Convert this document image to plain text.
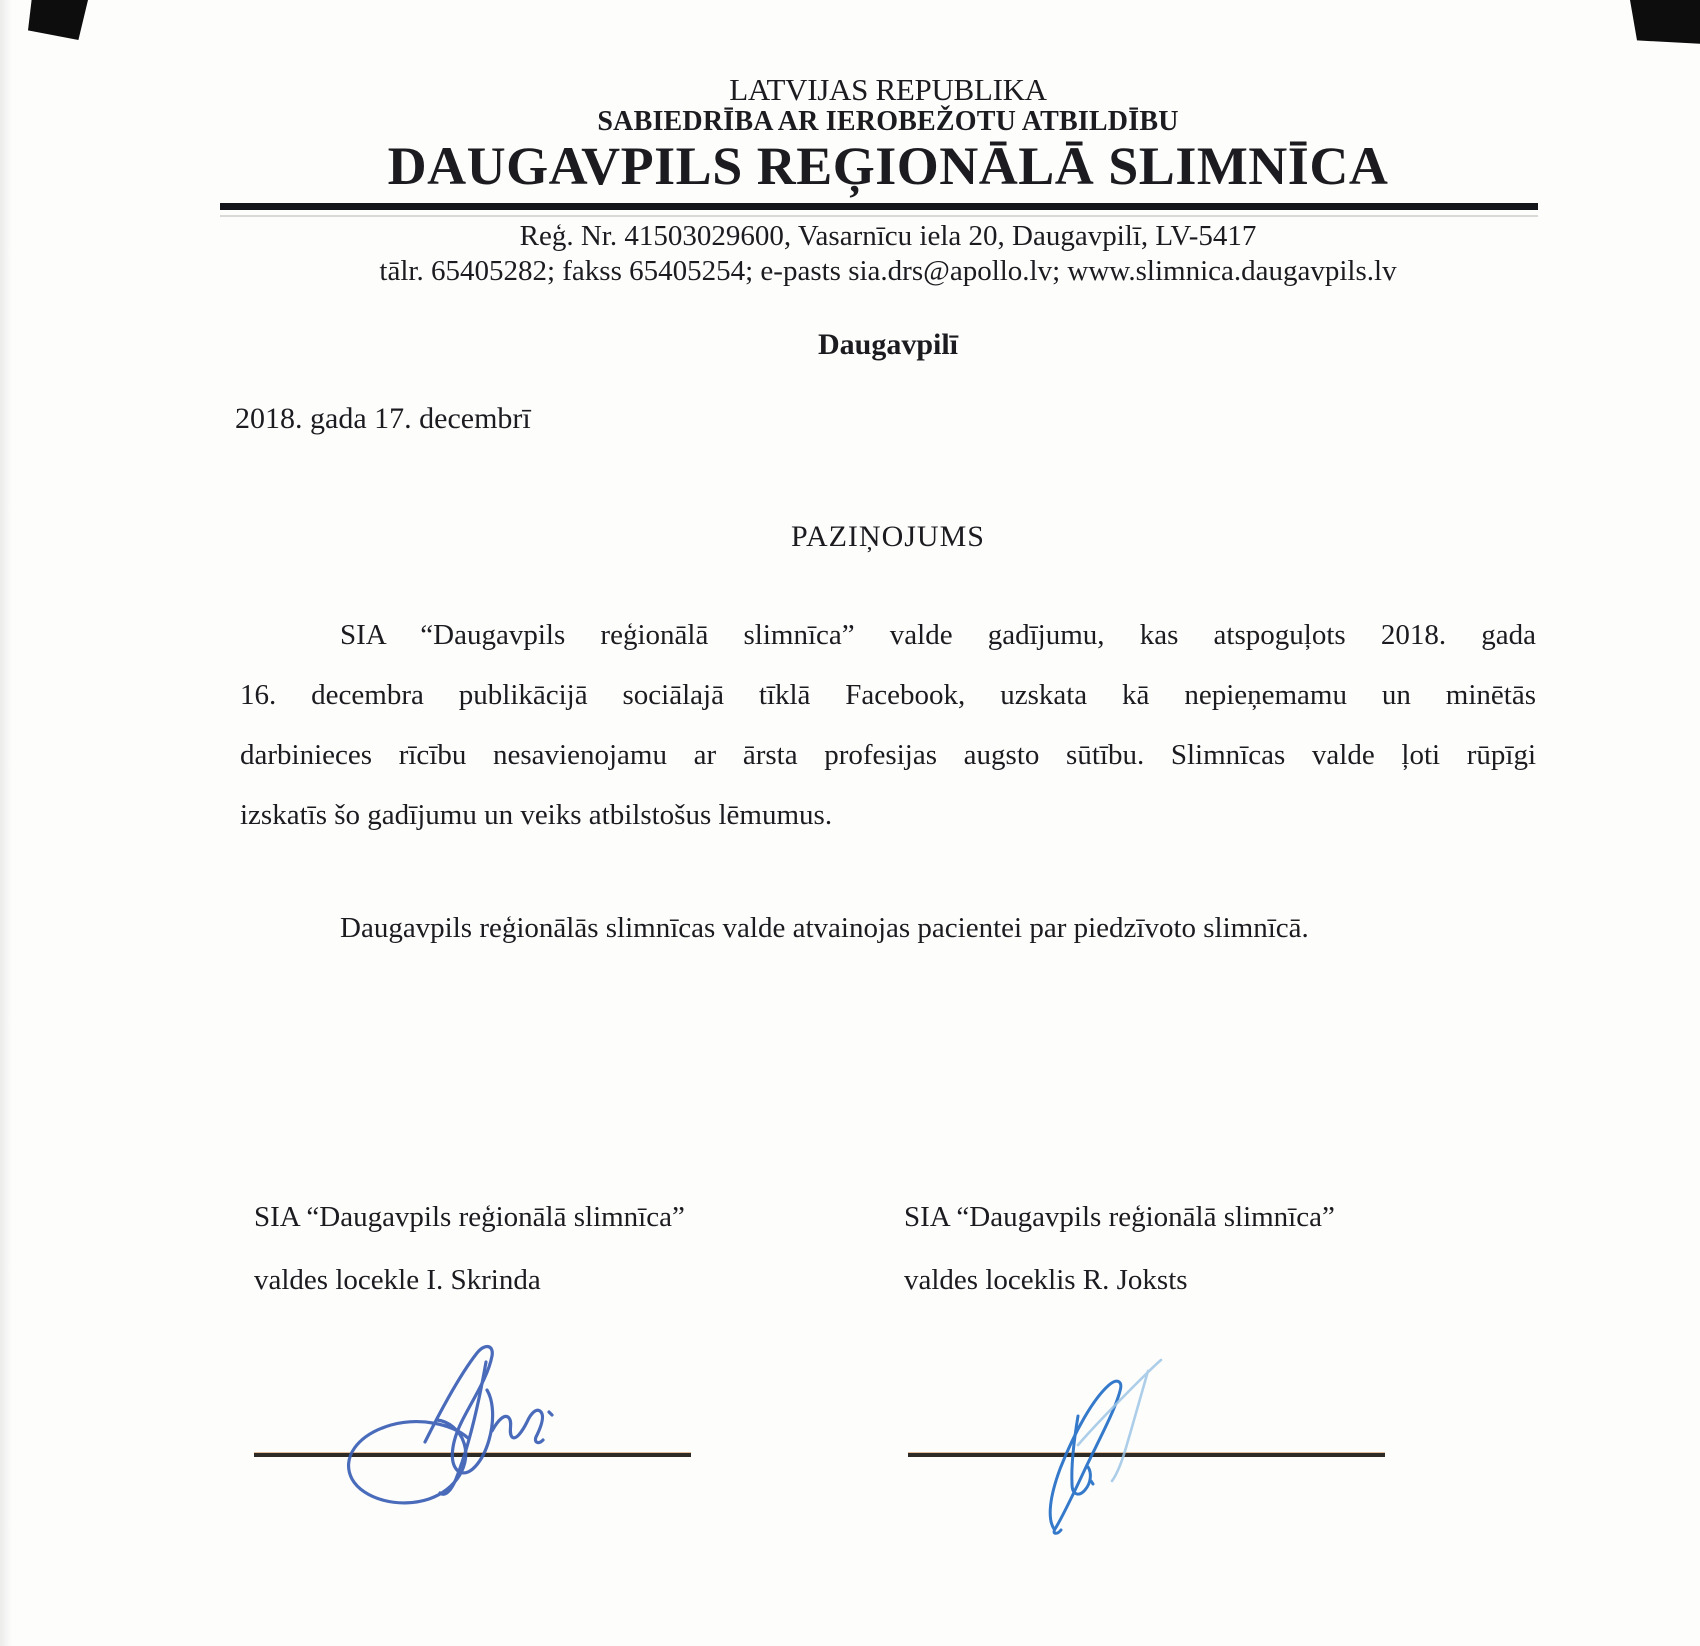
LATVIJAS REPUBLIKA
SABIEDRĪBA AR IEROBEŽOTU ATBILDĪBU
DAUGAVPILS REĢIONĀLĀ SLIMNĪCA
Reģ. Nr. 41503029600, Vasarnīcu iela 20, Daugavpilī, LV-5417
tālr. 65405282; fakss 65405254; e-pasts sia.drs@apollo.lv; www.slimnica.daugavpils.lv
Daugavpilī
2018. gada 17. decembrī
PAZIŅOJUMS
SIA “Daugavpils reģionālā slimnīca” valde gadījumu, kas atspoguļots 2018. gada
16. decembra publikācijā sociālajā tīklā Facebook, uzskata kā nepieņemamu un minētās
darbinieces rīcību nesavienojamu ar ārsta profesijas augsto sūtību. Slimnīcas valde ļoti rūpīgi
izskatīs šo gadījumu un veiks atbilstošus lēmumus.
Daugavpils reģionālās slimnīcas valde atvainojas pacientei par piedzīvoto slimnīcā.
SIA “Daugavpils reģionālā slimnīca”
valdes locekle I. Skrinda
SIA “Daugavpils reģionālā slimnīca”
valdes loceklis R. Joksts
